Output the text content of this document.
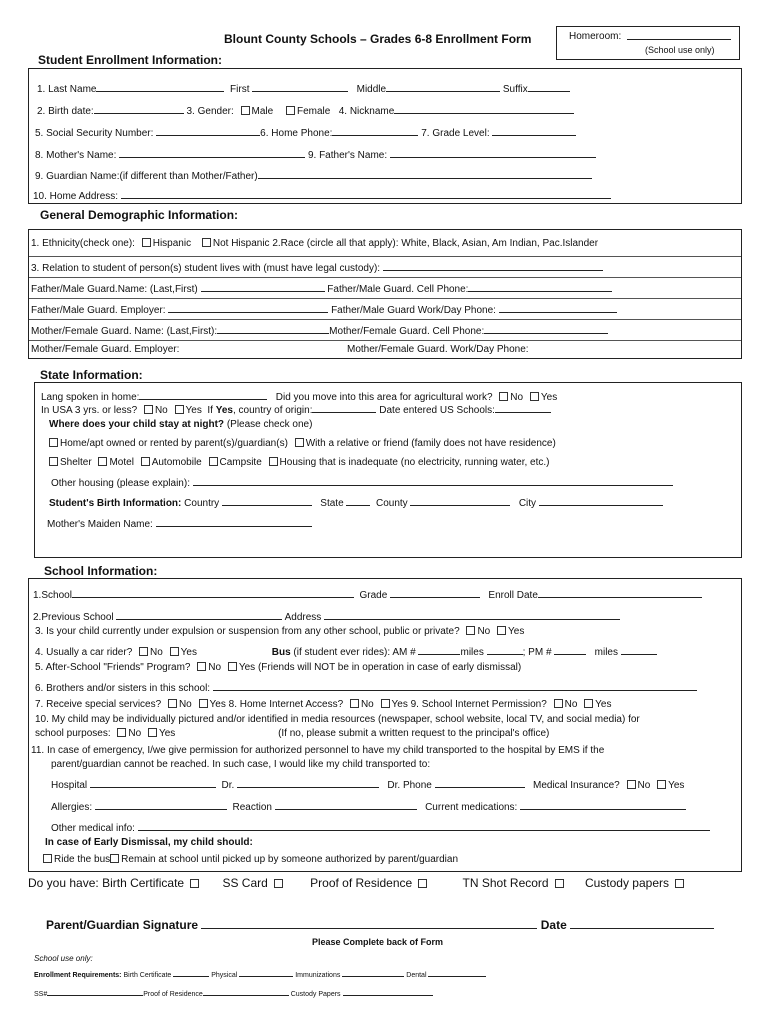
Blount County Schools – Grades 6-8 Enrollment Form	Homeroom:
(School use only)
Student Enrollment Information:
1. Last Name	First	Middle	Suffix
2. Birth date:	3. Gender: Male Female 4. Nickname
5. Social Security Number:	6. Home Phone:	7. Grade Level:
8. Mother's Name:	9. Father's Name:
9. Guardian Name:(if different than Mother/Father)
10. Home Address:
General Demographic Information:
1. Ethnicity(check one): Hispanic Not Hispanic 2.Race (circle all that apply): White, Black, Asian, Am Indian, Pac.Islander
3. Relation to student of person(s) student lives with (must have legal custody):
Father/Male Guard.Name: (Last,First)	Father/Male Guard. Cell Phone:
Father/Male Guard. Employer:	Father/Male Guard Work/Day Phone:
Mother/Female Guard. Name: (Last,First):	Mother/Female Guard. Cell Phone:
Mother/Female Guard. Employer:	Mother/Female Guard. Work/Day Phone:
State Information:
Lang spoken in home:	Did you move into this area for agricultural work? No Yes
In USA 3 yrs. or less? No Yes If Yes, country of origin:	Date entered US Schools:
Where does your child stay at night? (Please check one)
Home/apt owned or rented by parent(s)/guardian(s) With a relative or friend (family does not have residence)
Shelter Motel Automobile Campsite Housing that is inadequate (no electricity, running water, etc.)
Other housing (please explain):
Student's Birth Information: Country	State	County	City
Mother's Maiden Name:
School Information:
1.School	Grade	Enroll Date
2.Previous School	Address
3. Is your child currently under expulsion or suspension from any other school, public or private? No Yes
4. Usually a car rider? No Yes	Bus (if student ever rides): AM #	miles	; PM #	miles
5. After-School "Friends" Program? No Yes (Friends will NOT be in operation in case of early dismissal)
6. Brothers and/or sisters in this school:
7. Receive special services? No Yes 8. Home Internet Access? No Yes 9. School Internet Permission? No Yes
10. My child may be individually pictured and/or identified in media resources (newspaper, school website, local TV, and social media) for
school purposes: No Yes	(If no, please submit a written request to the principal's office)
11. In case of emergency, I/we give permission for authorized personnel to have my child transported to the hospital by EMS if the
parent/guardian cannot be reached. In such case, I would like my child transported to:
Hospital	Dr.	Dr. Phone	Medical Insurance? No Yes
Allergies:	Reaction	Current medications:
Other medical info:
In case of Early Dismissal, my child should:
Ride the bus Remain at school until picked up by someone authorized by parent/guardian
Do you have: Birth Certificate	SS Card	Proof of Residence	TN Shot Record	Custody papers
Parent/Guardian Signature	Date
Please Complete back of Form
School use only:
Enrollment Requirements: Birth Certificate	Physical	Immunizations	Dental
SS#	Proof of Residence	Custody Papers
